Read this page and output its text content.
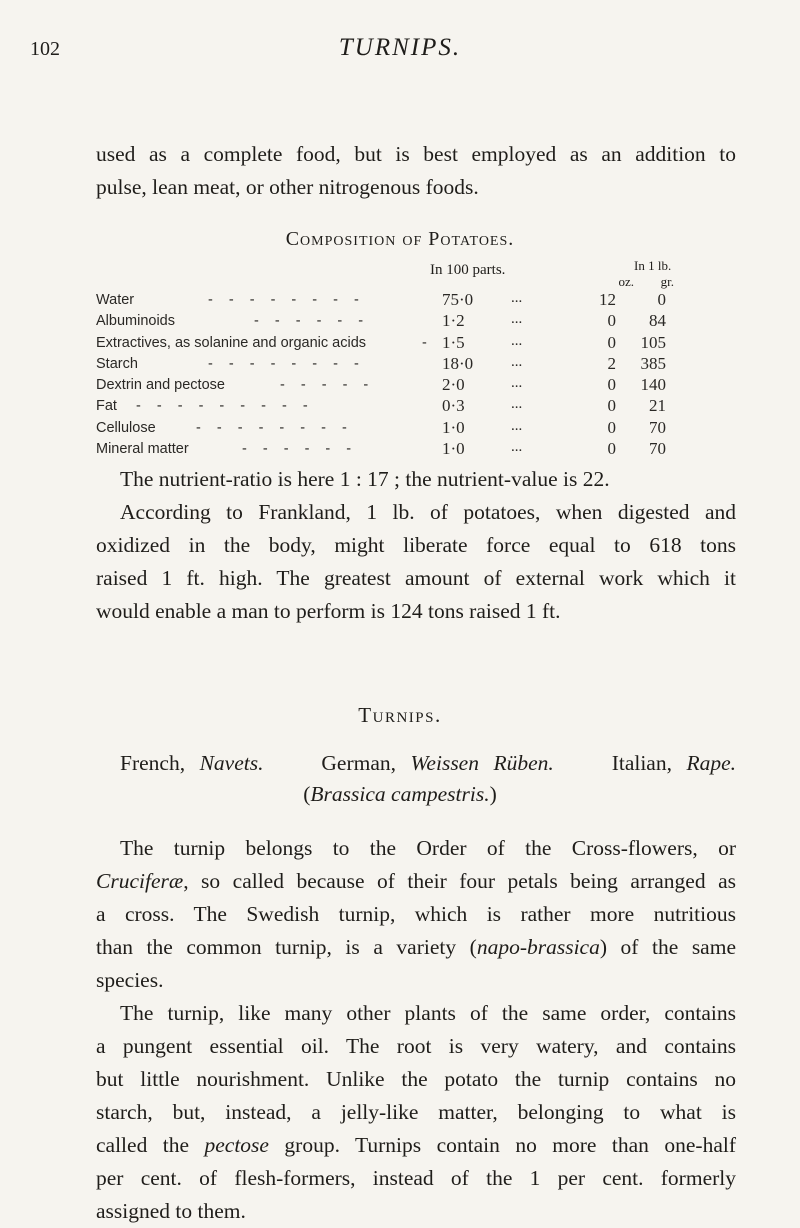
102	TURNIPS.
used as a complete food, but is best employed as an addition to
pulse, lean meat, or other nitrogenous foods.
Composition of Potatoes.
In 100 parts.	In 1 lb.
oz. gr.
Water	- - - - - - - -	75·0	...	12	0
Albuminoids	- - - - - -	1·2	...	0	84
Extractives, as solanine and organic acids	- 1·5	...	0	105
Starch	- - - - - - - -	18·0	...	2	385
Dextrin and pectose	- - - - -	2·0	...	0	140
Fat - - - - - - - - -	0·3	...	0	21
Cellulose	- - - - - - - -	1·0	...	0	70
Mineral matter	- - - - - -	1·0	...	0	70
The nutrient-ratio is here 1 : 17 ; the nutrient-value is 22.
According to Frankland, 1 lb. of potatoes, when digested and
oxidized in the body, might liberate force equal to 618 tons
raised 1 ft. high. The greatest amount of external work which it
would enable a man to perform is 124 tons raised 1 ft.
Turnips.
French, Navets.	German, Weissen Rüben.	Italian, Rape.
(Brassica campestris.)
The turnip belongs to the Order of the Cross-flowers, or
Cruciferæ, so called because of their four petals being arranged as
a cross. The Swedish turnip, which is rather more nutritious
than the common turnip, is a variety (napo-brassica) of the same
species.
The turnip, like many other plants of the same order, contains
a pungent essential oil. The root is very watery, and contains
but little nourishment. Unlike the potato the turnip contains no
starch, but, instead, a jelly-like matter, belonging to what is
called the pectose group. Turnips contain no more than one-half
per cent. of flesh-formers, instead of the 1 per cent. formerly
assigned to them.
